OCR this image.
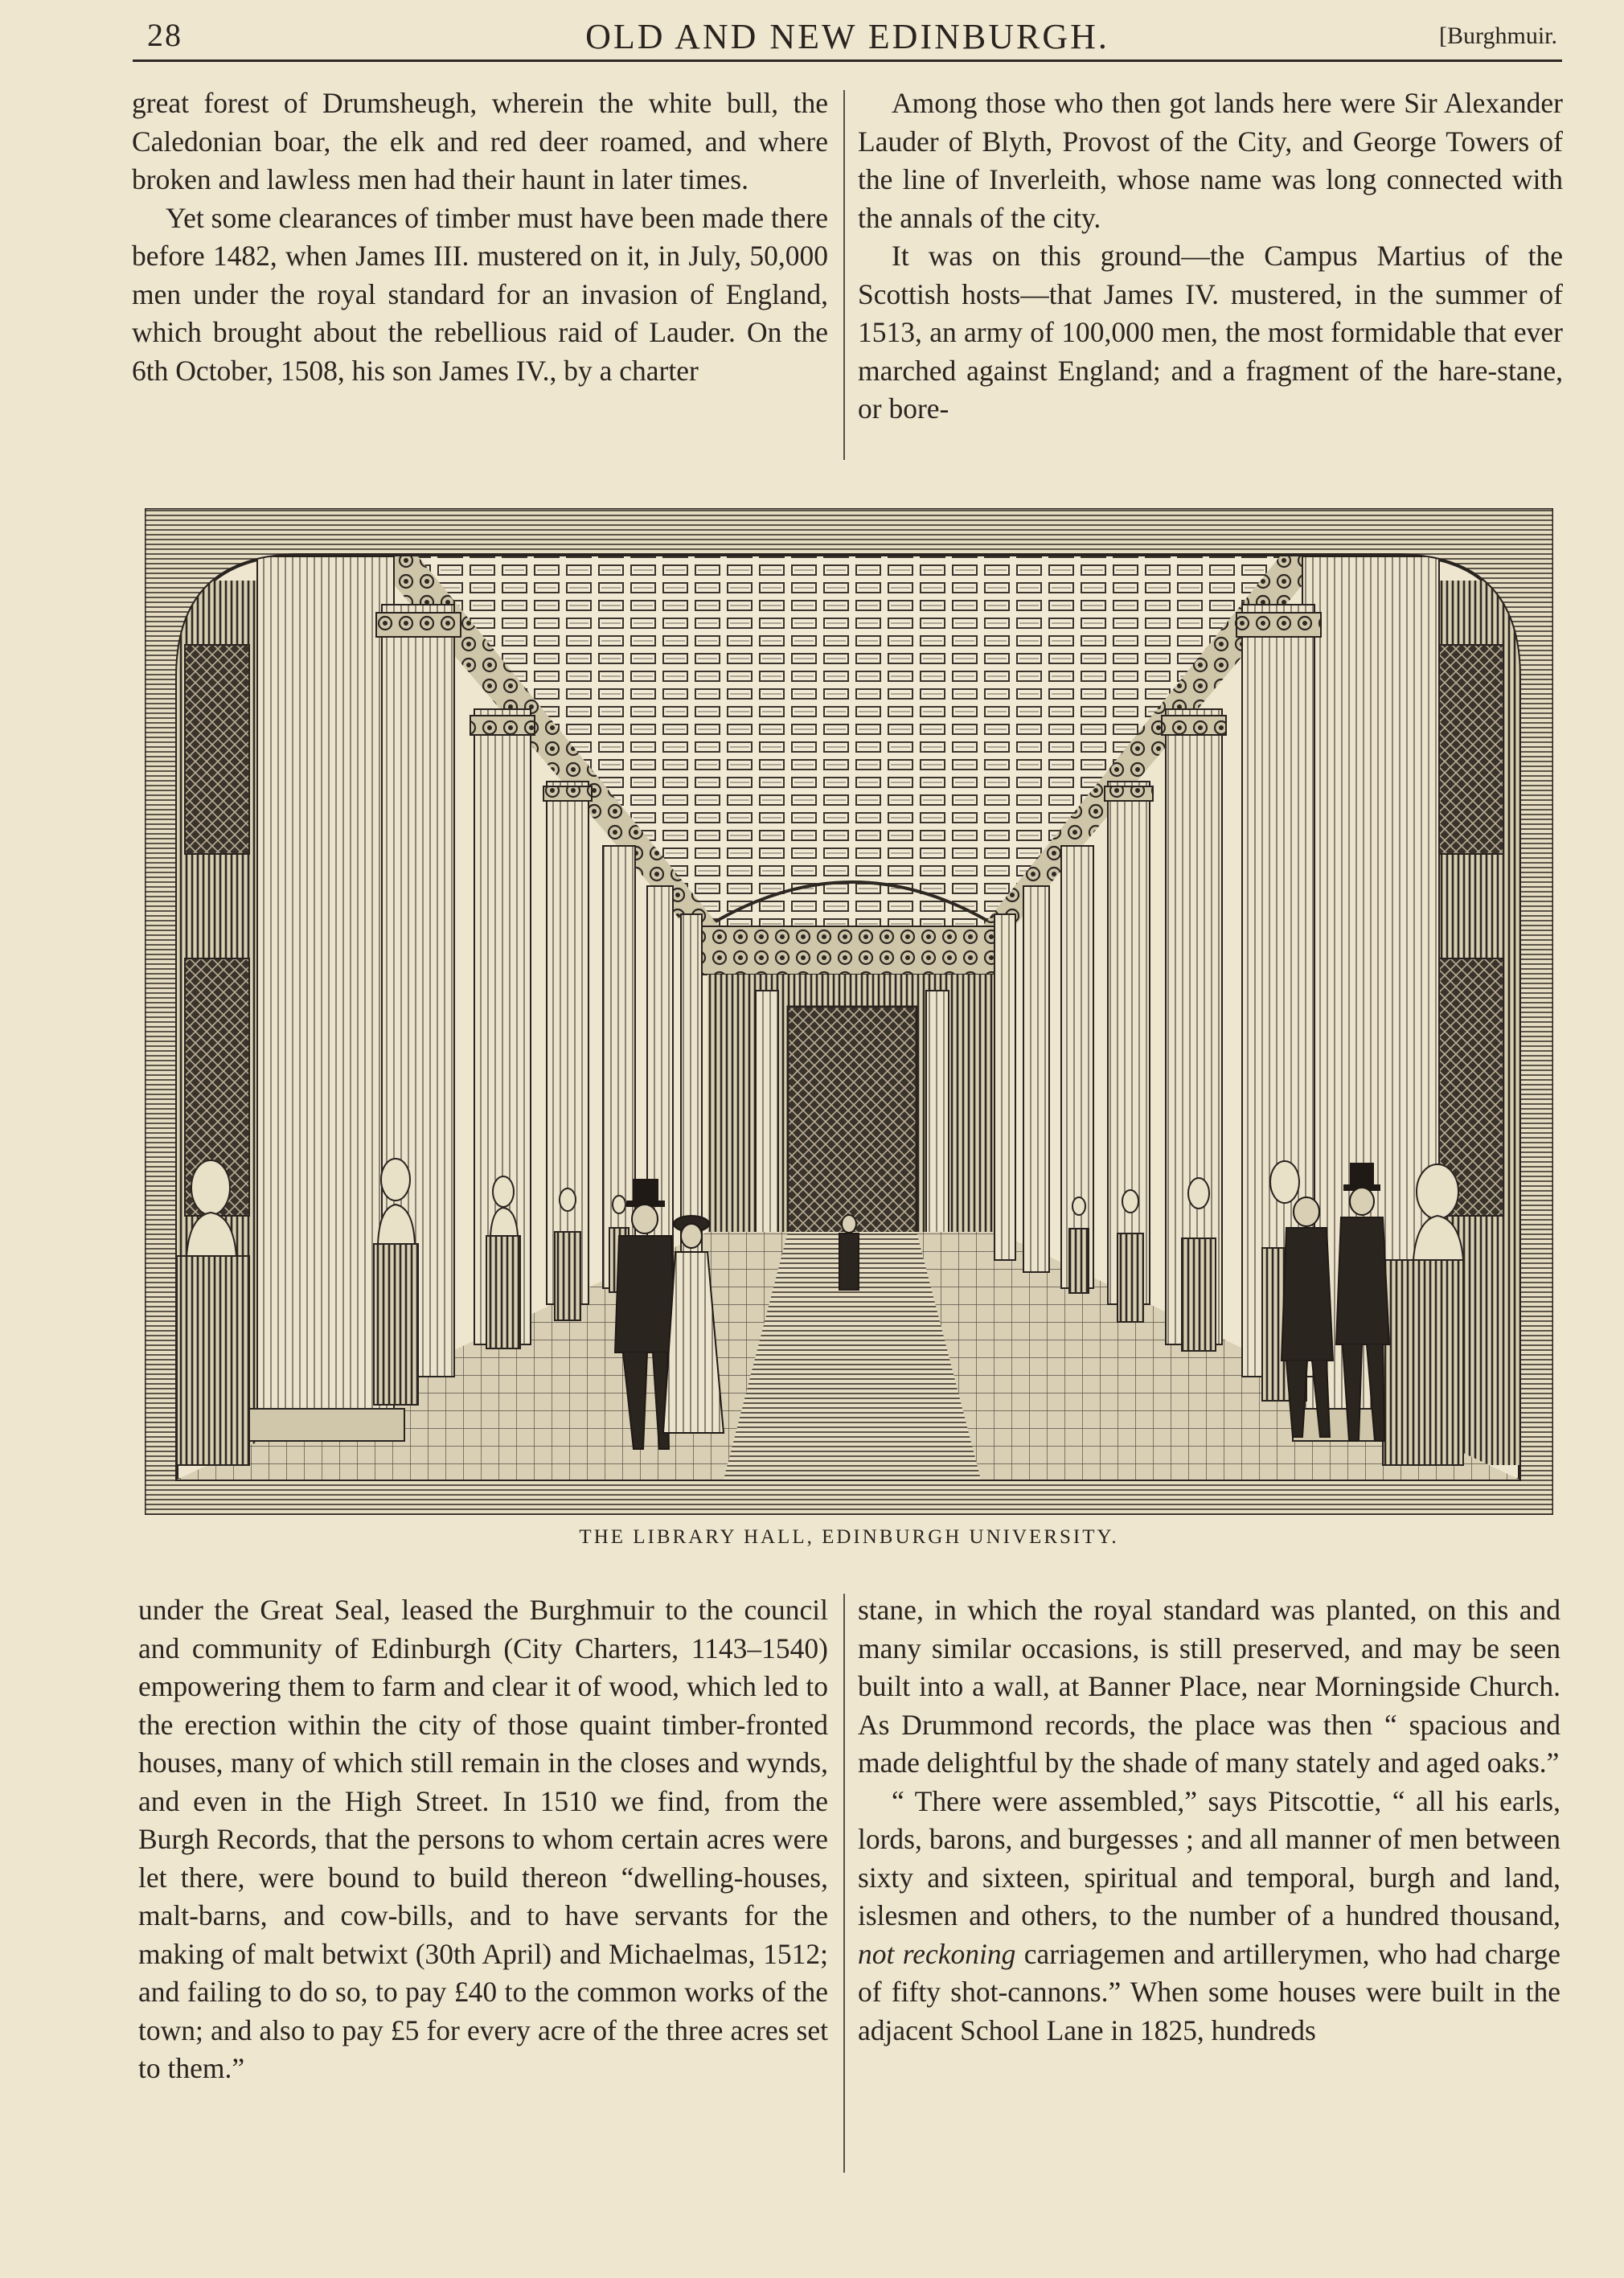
28	OLD AND NEW EDINBURGH.	[Burghmuir.

great forest of Drumsheugh, wherein the white bull, the Caledonian boar, the elk and red deer roamed, and where broken and lawless men had their haunt in later times.

Yet some clearances of timber must have been made there before 1482, when James III. mustered on it, in July, 50,000 men under the royal standard for an invasion of England, which brought about the rebellious raid of Lauder. On the 6th October, 1508, his son James IV., by a charter

Among those who then got lands here were Sir Alexander Lauder of Blyth, Provost of the City, and George Towers of the line of Inverleith, whose name was long connected with the annals of the city.

It was on this ground—the Campus Martius of the Scottish hosts—that James IV. mustered, in the summer of 1513, an army of 100,000 men, the most formidable that ever marched against England; and a fragment of the hare-stane, or bore-

THE LIBRARY HALL, EDINBURGH UNIVERSITY.

under the Great Seal, leased the Burghmuir to the council and community of Edinburgh (City Charters, 1143–1540) empowering them to farm and clear it of wood, which led to the erection within the city of those quaint timber-fronted houses, many of which still remain in the closes and wynds, and even in the High Street. In 1510 we find, from the Burgh Records, that the persons to whom certain acres were let there, were bound to build thereon “dwelling-houses, malt-barns, and cow-bills, and to have servants for the making of malt betwixt (30th April) and Michaelmas, 1512; and failing to do so, to pay £40 to the common works of the town; and also to pay £5 for every acre of the three acres set to them.”

stane, in which the royal standard was planted, on this and many similar occasions, is still preserved, and may be seen built into a wall, at Banner Place, near Morningside Church. As Drummond records, the place was then “ spacious and made delightful by the shade of many stately and aged oaks.”

“ There were assembled,” says Pitscottie, “ all his earls, lords, barons, and burgesses ; and all manner of men between sixty and sixteen, spiritual and temporal, burgh and land, islesmen and others, to the number of a hundred thousand, not reckoning carriagemen and artillerymen, who had charge of fifty shot-cannons.” When some houses were built in the adjacent School Lane in 1825, hundreds
